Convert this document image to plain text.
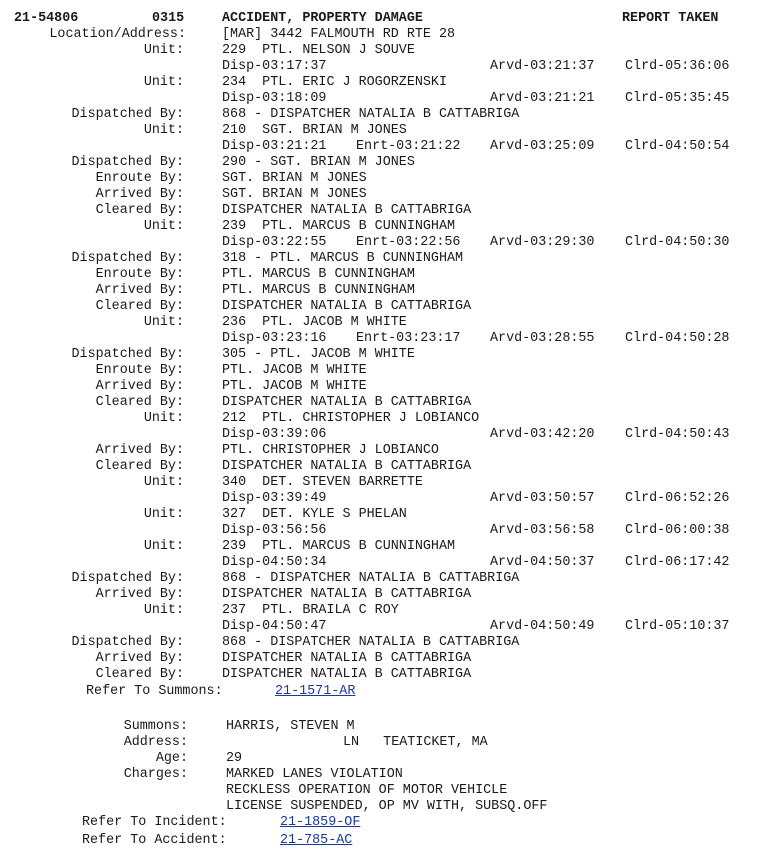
21-54806	0315	ACCIDENT, PROPERTY DAMAGE	REPORT TAKEN
Location/Address:	[MAR] 3442 FALMOUTH RD RTE 28
Unit:	229  PTL. NELSON J SOUVE
Disp-03:17:37	Arvd-03:21:37 Clrd-05:36:06
Unit:	234  PTL. ERIC J ROGORZENSKI
Disp-03:18:09	Arvd-03:21:21 Clrd-05:35:45
Dispatched By:	868 - DISPATCHER NATALIA B CATTABRIGA
Unit:	210  SGT. BRIAN M JONES
Disp-03:21:21 Enrt-03:21:22 Arvd-03:25:09 Clrd-04:50:54
Dispatched By:	290 - SGT. BRIAN M JONES
Enroute By:	SGT. BRIAN M JONES
Arrived By:	SGT. BRIAN M JONES
Cleared By:	DISPATCHER NATALIA B CATTABRIGA
Unit:	239  PTL. MARCUS B CUNNINGHAM
Disp-03:22:55 Enrt-03:22:56 Arvd-03:29:30 Clrd-04:50:30
Dispatched By:	318 - PTL. MARCUS B CUNNINGHAM
Enroute By:	PTL. MARCUS B CUNNINGHAM
Arrived By:	PTL. MARCUS B CUNNINGHAM
Cleared By:	DISPATCHER NATALIA B CATTABRIGA
Unit:	236  PTL. JACOB M WHITE
Disp-03:23:16 Enrt-03:23:17 Arvd-03:28:55 Clrd-04:50:28
Dispatched By:	305 - PTL. JACOB M WHITE
Enroute By:	PTL. JACOB M WHITE
Arrived By:	PTL. JACOB M WHITE
Cleared By:	DISPATCHER NATALIA B CATTABRIGA
Unit:	212  PTL. CHRISTOPHER J LOBIANCO
Disp-03:39:06	Arvd-03:42:20 Clrd-04:50:43
Arrived By:	PTL. CHRISTOPHER J LOBIANCO
Cleared By:	DISPATCHER NATALIA B CATTABRIGA
Unit:	340  DET. STEVEN BARRETTE
Disp-03:39:49	Arvd-03:50:57 Clrd-06:52:26
Unit:	327  DET. KYLE S PHELAN
Disp-03:56:56	Arvd-03:56:58 Clrd-06:00:38
Unit:	239  PTL. MARCUS B CUNNINGHAM
Disp-04:50:34	Arvd-04:50:37 Clrd-06:17:42
Dispatched By:	868 - DISPATCHER NATALIA B CATTABRIGA
Arrived By:	DISPATCHER NATALIA B CATTABRIGA
Unit:	237  PTL. BRAILA C ROY
Disp-04:50:47	Arvd-04:50:49 Clrd-05:10:37
Dispatched By:	868 - DISPATCHER NATALIA B CATTABRIGA
Arrived By:	DISPATCHER NATALIA B CATTABRIGA
Cleared By:	DISPATCHER NATALIA B CATTABRIGA
Refer To Summons:	21-1571-AR
Summons:	HARRIS, STEVEN M
Address:	LN   TEATICKET, MA
Age:	29
Charges:	MARKED LANES VIOLATION
RECKLESS OPERATION OF MOTOR VEHICLE
LICENSE SUSPENDED, OP MV WITH, SUBSQ.OFF
Refer To Incident:	21-1859-OF
Refer To Accident:	21-785-AC
